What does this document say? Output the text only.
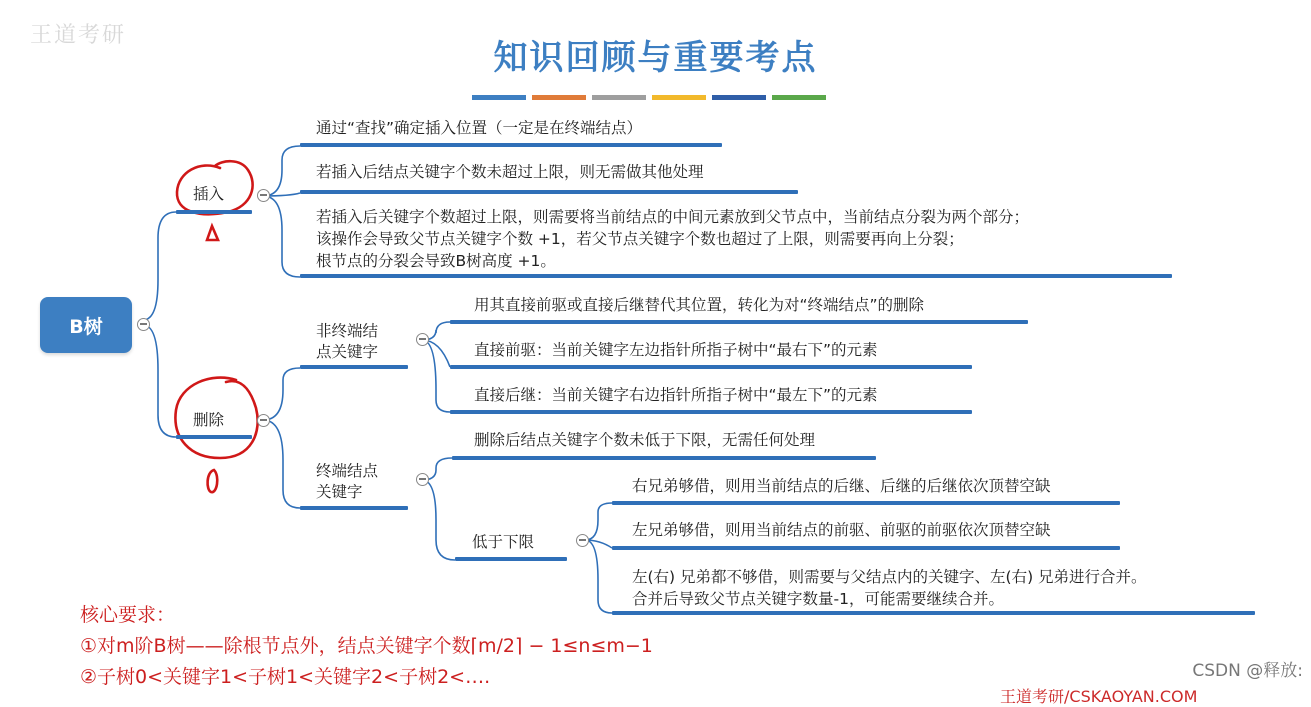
王道考研
知识回顾与重要考点
B树
插入
通过“查找”确定插入位置（一定是在终端结点）
若插入后结点关键字个数未超过上限，则无需做其他处理
若插入后关键字个数超过上限，则需要将当前结点的中间元素放到父节点中，当前结点分裂为两个部分；
该操作会导致父节点关键字个数 +1，若父节点关键字个数也超过了上限，则需要再向上分裂；
根节点的分裂会导致B树高度 +1。
删除
非终端结
点关键字
用其直接前驱或直接后继替代其位置，转化为对“终端结点”的删除
直接前驱：当前关键字左边指针所指子树中“最右下”的元素
直接后继：当前关键字右边指针所指子树中“最左下”的元素
终端结点
关键字
删除后结点关键字个数未低于下限，无需任何处理
低于下限
右兄弟够借，则用当前结点的后继、后继的后继依次顶替空缺
左兄弟够借，则用当前结点的前驱、前驱的前驱依次顶替空缺
左(右) 兄弟都不够借，则需要与父结点内的关键字、左(右) 兄弟进行合并。
合并后导致父节点关键字数量-1，可能需要继续合并。
核心要求：
①对m阶B树——除根节点外，结点关键字个数⌈m/2⌉ − 1≤n≤m−1
②子树0<关键字1<子树1<关键字2<子树2<….	CSDN @释放:
王道考研/CSKAOYAN.COM
